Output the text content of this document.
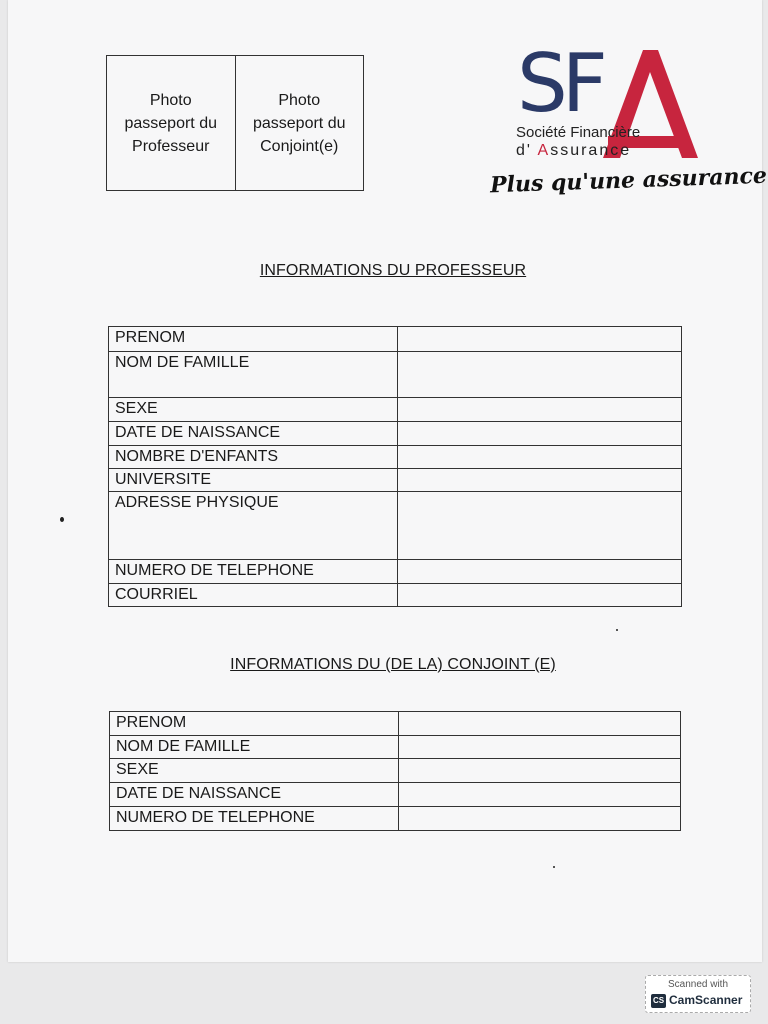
Photo
passeport du
Professeur
Photo
passeport du
Conjoint(e)
SF
Société Financière
d' Assurance
Plus qu'une assurance
INFORMATIONS DU PROFESSEUR
PRENOM	
NOM DE FAMILLE	
SEXE	
DATE DE NAISSANCE	
NOMBRE D'ENFANTS	
UNIVERSITE	
ADRESSE PHYSIQUE	
NUMERO DE TELEPHONE	
COURRIEL	
INFORMATIONS DU (DE LA) CONJOINT (E)
PRENOM	
NOM DE FAMILLE	
SEXE	
DATE DE NAISSANCE	
NUMERO DE TELEPHONE	
Scanned with
CS CamScanner
